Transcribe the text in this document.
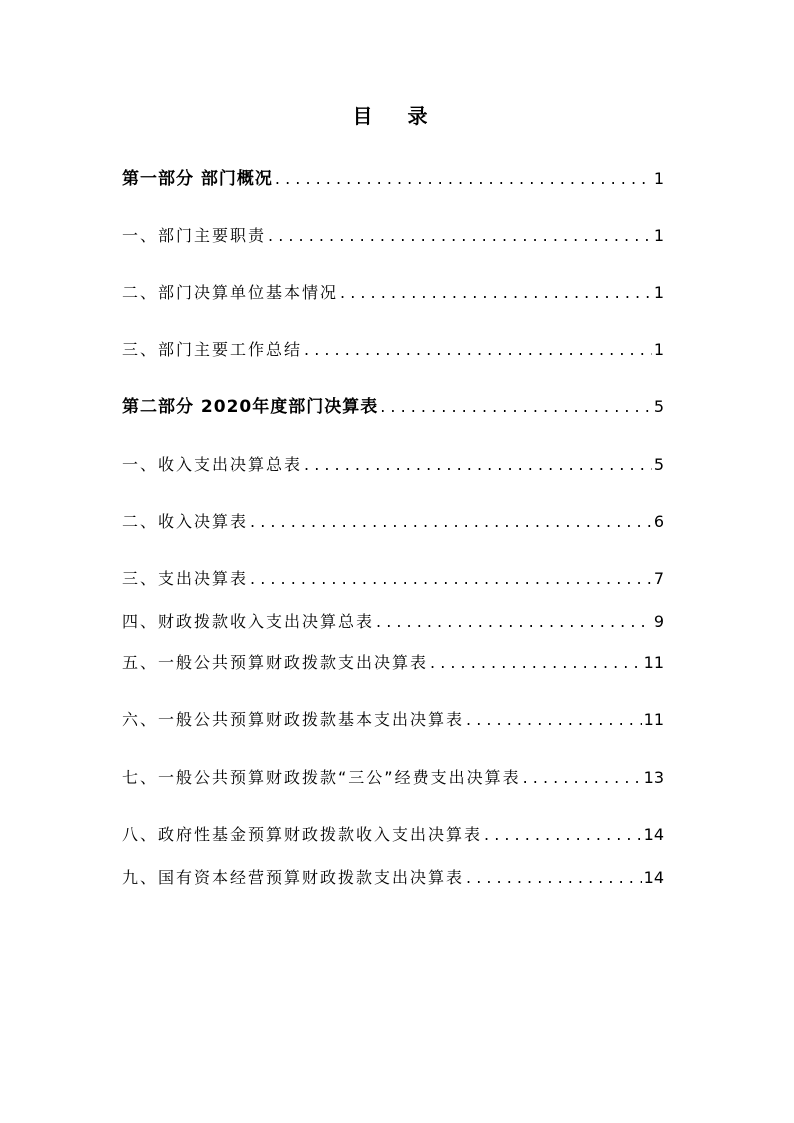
目 录
第一部分 部门概况 . . .	1
一、部门主要职责 . . .	1
二、部门决算单位基本情况 . . .	1
三、部门主要工作总结 . . .	1
第二部分 2020年度部门决算表 . . .	5
一、收入支出决算总表 . . .	5
二、收入决算表 . . .	6
三、支出决算表 . . .	7
四、财政拨款收入支出决算总表 . . .	9
五、一般公共预算财政拨款支出决算表 . . .	11
六、一般公共预算财政拨款基本支出决算表 . . .	11
七、一般公共预算财政拨款“三公”经费支出决算表 . . .	13
八、政府性基金预算财政拨款收入支出决算表 . . .	14
九、国有资本经营预算财政拨款支出决算表 . . .	14
